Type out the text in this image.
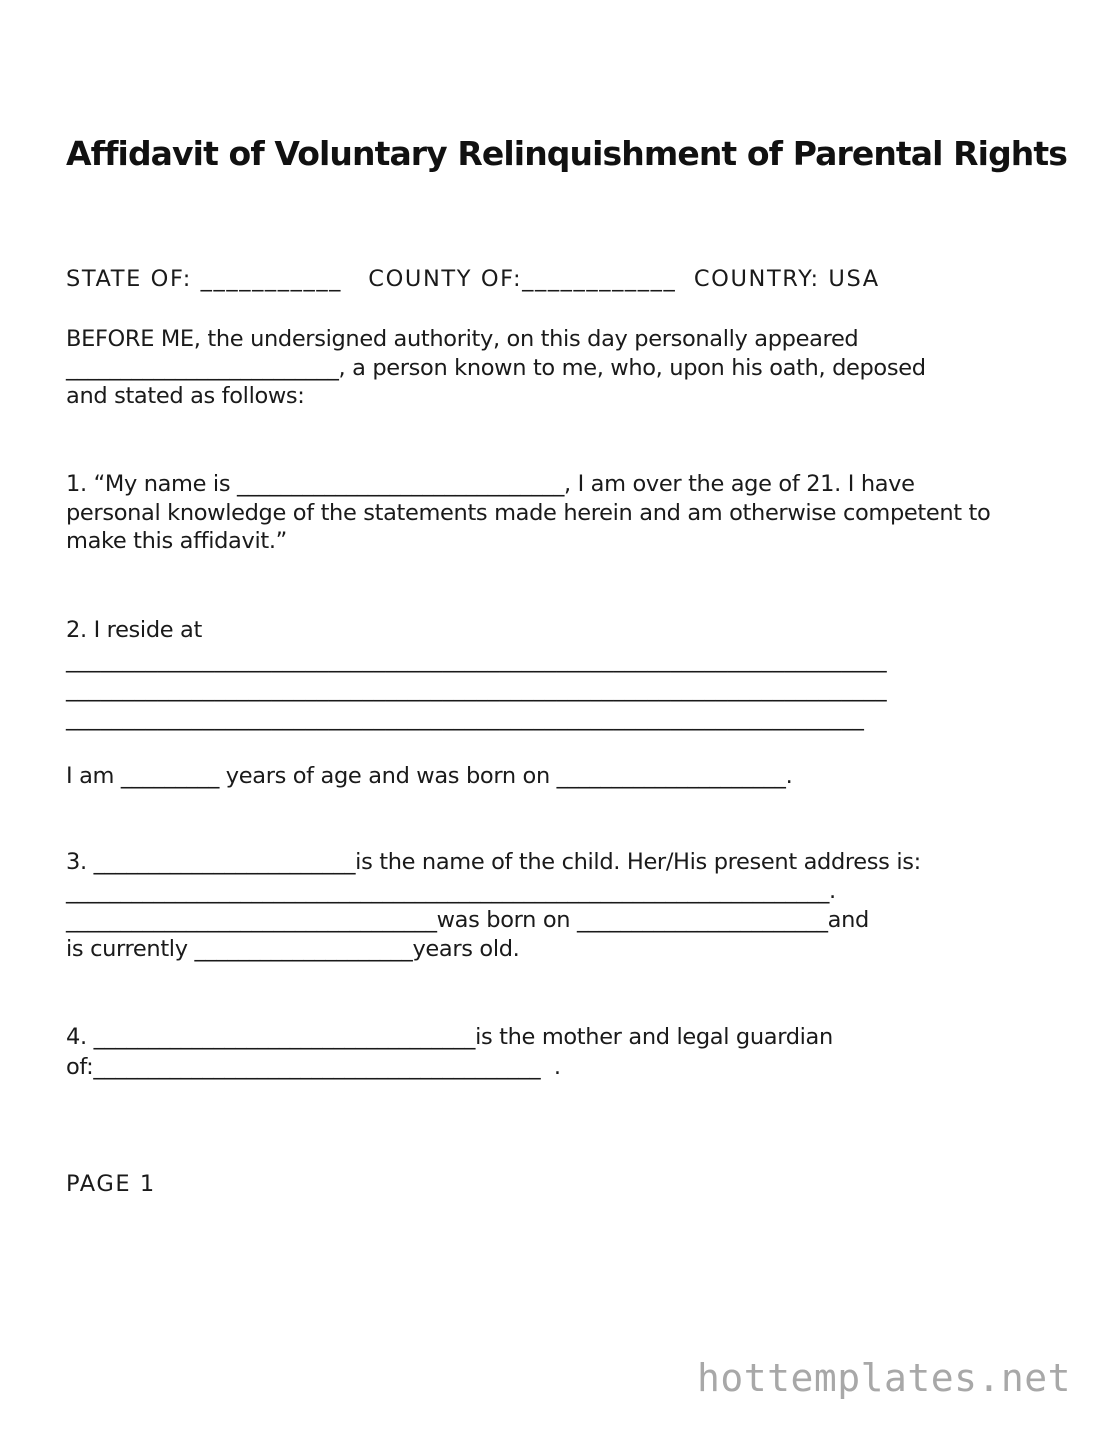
Affidavit of Voluntary Relinquishment of Parental Rights
STATE OF: ___________   COUNTY OF:____________  COUNTRY: USA
BEFORE ME, the undersigned authority, on this day personally appeared
_________________________, a person known to me, who, upon his oath, deposed
and stated as follows:
1. “My name is ______________________________, I am over the age of 21. I have
personal knowledge of the statements made herein and am otherwise competent to
make this affidavit.”
2. I reside at
________________________________________________________________________
________________________________________________________________________
______________________________________________________________________
I am _________ years of age and was born on _____________________.
3. ________________________is the name of the child. Her/His present address is:
______________________________________________________________________.
__________________________________was born on _______________________and
is currently ____________________years old.
4. ___________________________________is the mother and legal guardian
of:_________________________________________  .
PAGE 1
hottemplates.net
